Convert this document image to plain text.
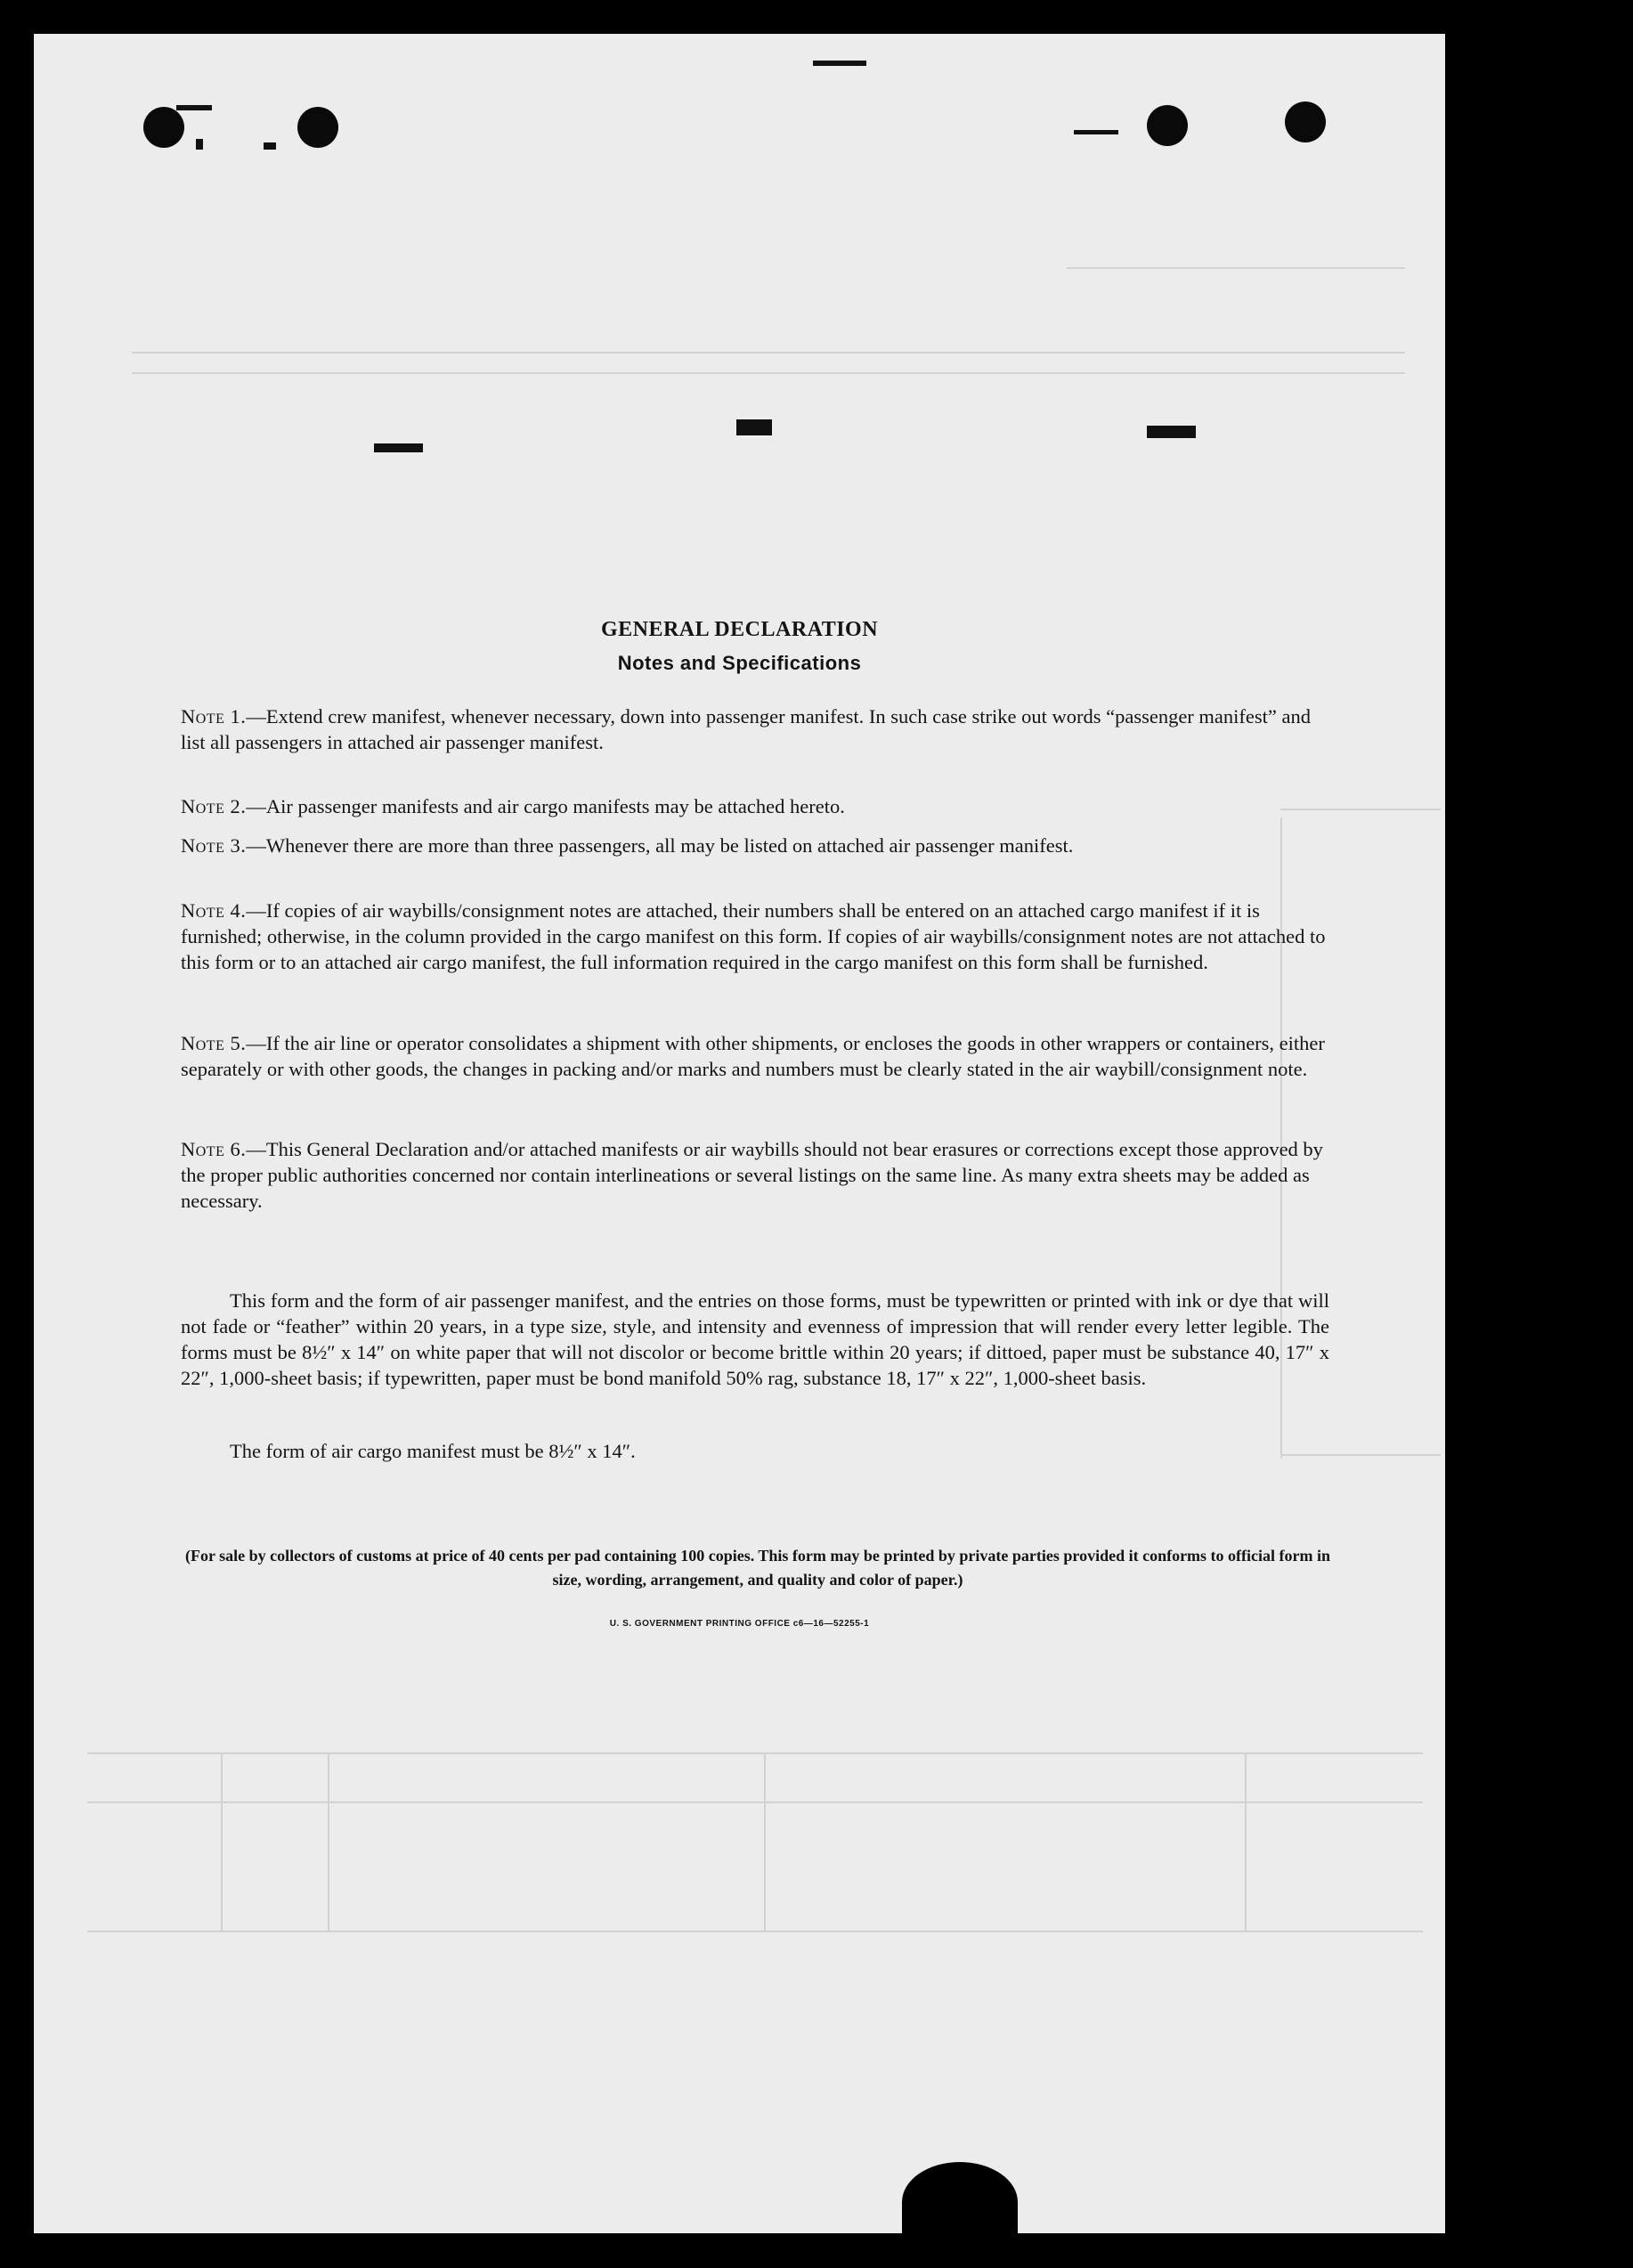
GENERAL DECLARATION
Notes and Specifications
Note 1.—Extend crew manifest, whenever necessary, down into passenger manifest. In such case strike out words “passenger manifest” and list all passengers in attached air passenger manifest.
Note 2.—Air passenger manifests and air cargo manifests may be attached hereto.
Note 3.—Whenever there are more than three passengers, all may be listed on attached air passenger manifest.
Note 4.—If copies of air waybills/consignment notes are attached, their numbers shall be entered on an attached cargo manifest if it is furnished; otherwise, in the column provided in the cargo manifest on this form. If copies of air waybills/consignment notes are not attached to this form or to an attached air cargo manifest, the full information required in the cargo manifest on this form shall be furnished.
Note 5.—If the air line or operator consolidates a shipment with other shipments, or encloses the goods in other wrappers or containers, either separately or with other goods, the changes in packing and/or marks and numbers must be clearly stated in the air waybill/consignment note.
Note 6.—This General Declaration and/or attached manifests or air waybills should not bear erasures or corrections except those approved by the proper public authorities concerned nor contain interlineations or several listings on the same line. As many extra sheets may be added as necessary.
This form and the form of air passenger manifest, and the entries on those forms, must be typewritten or printed with ink or dye that will not fade or “feather” within 20 years, in a type size, style, and intensity and evenness of impression that will render every letter legible. The forms must be 8½″ x 14″ on white paper that will not discolor or become brittle within 20 years; if dittoed, paper must be substance 40, 17″ x 22″, 1,000-sheet basis; if typewritten, paper must be bond manifold 50% rag, substance 18, 17″ x 22″, 1,000-sheet basis.
The form of air cargo manifest must be 8½″ x 14″.
(For sale by collectors of customs at price of 40 cents per pad containing 100 copies. This form may be printed by private parties provided it conforms to official form in size, wording, arrangement, and quality and color of paper.)
U. S. GOVERNMENT PRINTING OFFICE c6—16—52255-1
